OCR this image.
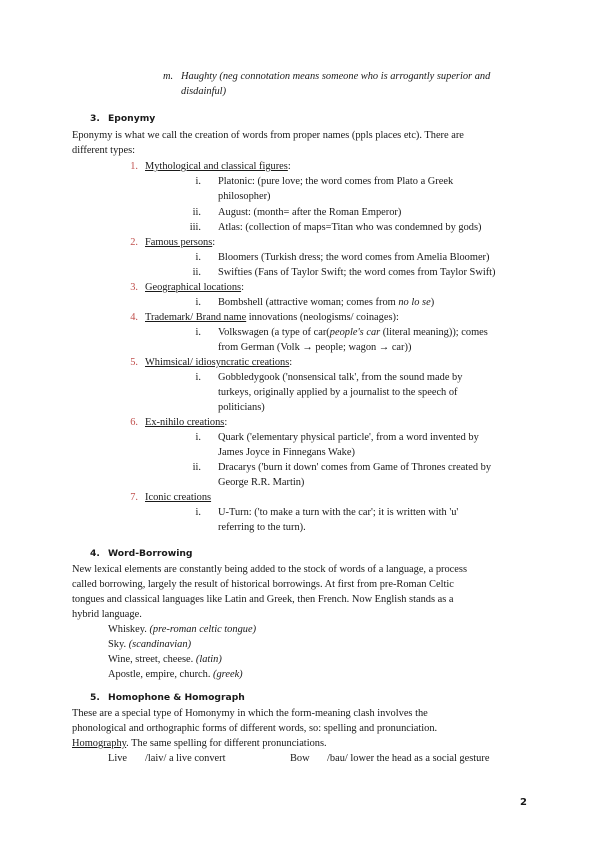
m. Haughty (neg connotation means someone who is arrogantly superior and
disdainful)
3. Eponymy
Eponymy is what we call the creation of words from proper names (ppls places etc). There are
different types:
1. Mythological and classical figures:
i. Platonic: (pure love; the word comes from Plato a Greek
philosopher)
ii. August: (month= after the Roman Emperor)
iii. Atlas: (collection of maps=Titan who was condemned by gods)
2. Famous persons:
i. Bloomers (Turkish dress; the word comes from Amelia Bloomer)
ii. Swifties (Fans of Taylor Swift; the word comes from Taylor Swift)
3. Geographical locations:
i. Bombshell (attractive woman; comes from no lo se)
4. Trademark/ Brand name innovations (neologisms/ coinages):
i. Volkswagen (a type of car(people's car (literal meaning)); comes
from German (Volk → people; wagon → car))
5. Whimsical/ idiosyncratic creations:
i. Gobbledygook ('nonsensical talk', from the sound made by
turkeys, originally applied by a journalist to the speech of
politicians)
6. Ex-nihilo creations:
i. Quark ('elementary physical particle', from a word invented by
James Joyce in Finnegans Wake)
ii. Dracarys ('burn it down' comes from Game of Thrones created by
George R.R. Martin)
7. Iconic creations
i. U-Turn: ('to make a turn with the car'; it is written with 'u'
referring to the turn).
4. Word-Borrowing
New lexical elements are constantly being added to the stock of words of a language, a process
called borrowing, largely the result of historical borrowings. At first from pre-Roman Celtic
tongues and classical languages like Latin and Greek, then French. Now English stands as a
hybrid language.
Whiskey. (pre-roman celtic tongue)
Sky. (scandinavian)
Wine, street, cheese. (latin)
Apostle, empire, church. (greek)
5. Homophone & Homograph
These are a special type of Homonymy in which the form-meaning clash involves the
phonological and orthographic forms of different words, so: spelling and pronunciation.
Homography. The same spelling for different pronunciations.
Live /laiv/ a live convert	Bow /bau/ lower the head as a social gesture
2
